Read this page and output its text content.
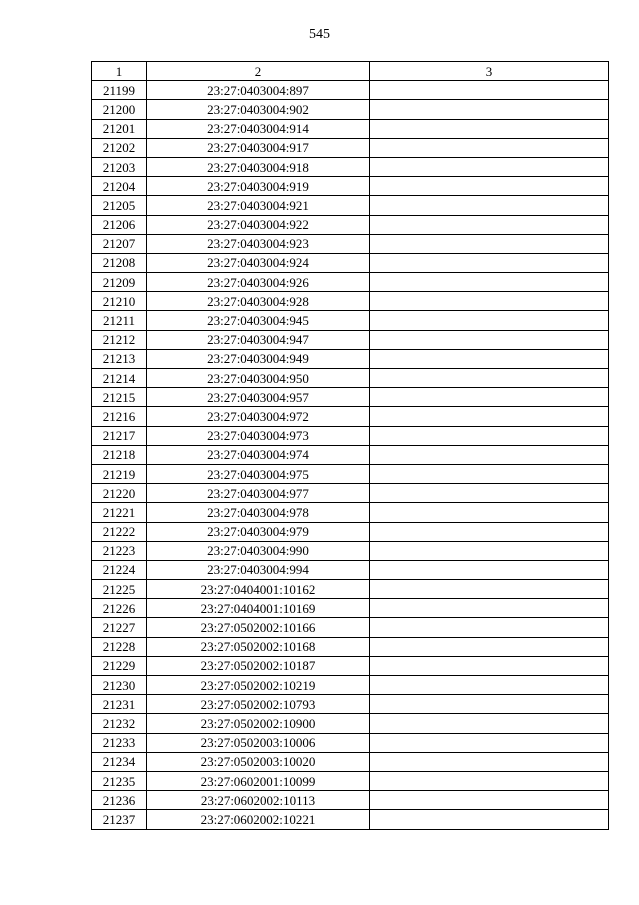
545
1	2	3
21199	23:27:0403004:897	
21200	23:27:0403004:902	
21201	23:27:0403004:914	
21202	23:27:0403004:917	
21203	23:27:0403004:918	
21204	23:27:0403004:919	
21205	23:27:0403004:921	
21206	23:27:0403004:922	
21207	23:27:0403004:923	
21208	23:27:0403004:924	
21209	23:27:0403004:926	
21210	23:27:0403004:928	
21211	23:27:0403004:945	
21212	23:27:0403004:947	
21213	23:27:0403004:949	
21214	23:27:0403004:950	
21215	23:27:0403004:957	
21216	23:27:0403004:972	
21217	23:27:0403004:973	
21218	23:27:0403004:974	
21219	23:27:0403004:975	
21220	23:27:0403004:977	
21221	23:27:0403004:978	
21222	23:27:0403004:979	
21223	23:27:0403004:990	
21224	23:27:0403004:994	
21225	23:27:0404001:10162	
21226	23:27:0404001:10169	
21227	23:27:0502002:10166	
21228	23:27:0502002:10168	
21229	23:27:0502002:10187	
21230	23:27:0502002:10219	
21231	23:27:0502002:10793	
21232	23:27:0502002:10900	
21233	23:27:0502003:10006	
21234	23:27:0502003:10020	
21235	23:27:0602001:10099	
21236	23:27:0602002:10113	
21237	23:27:0602002:10221	
